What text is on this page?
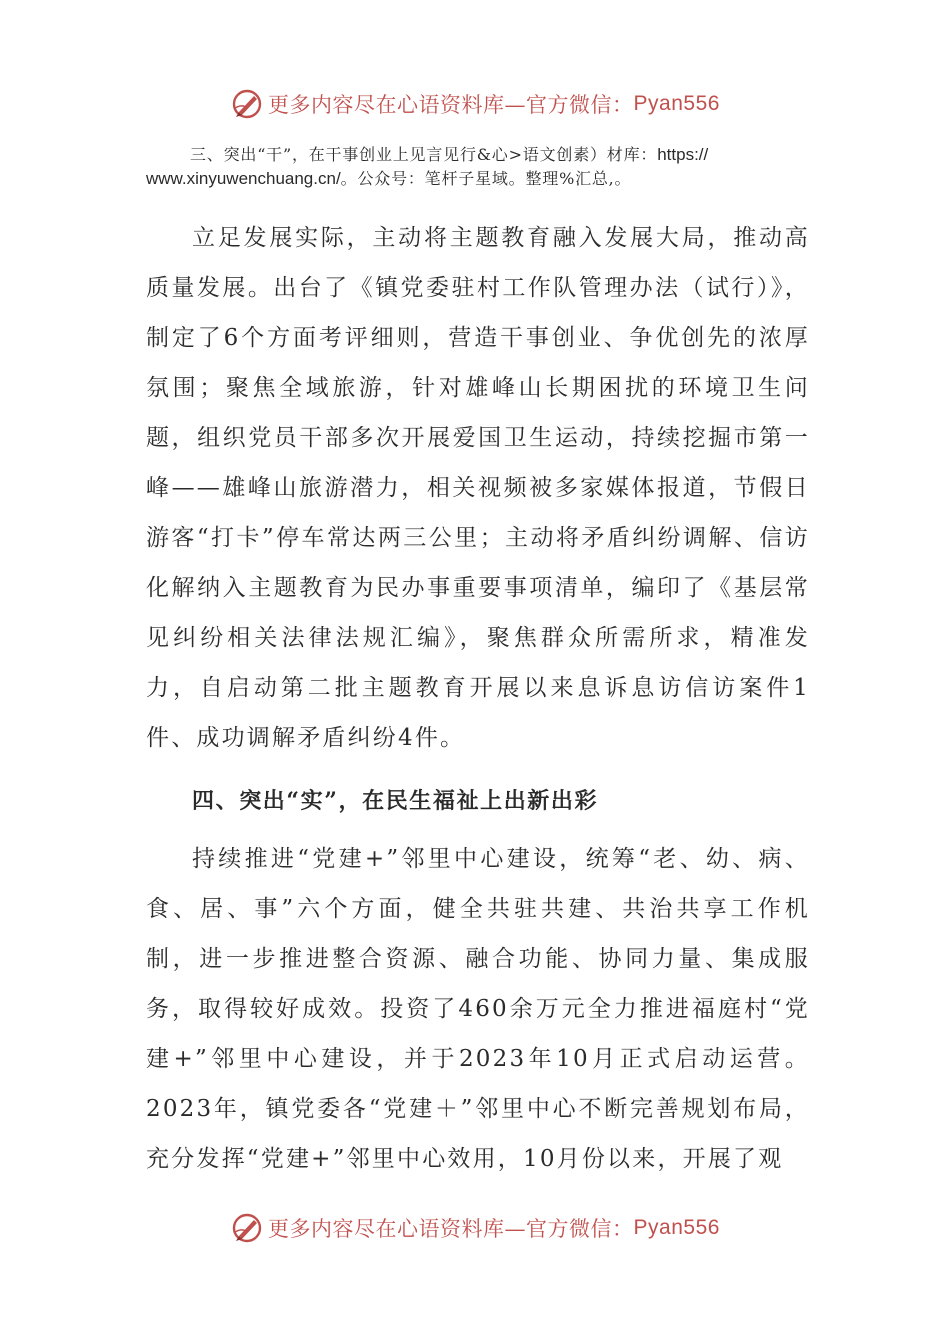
更多内容尽在心语资料库—官方微信： Pyan556

三、突出“干”，在干事创业上见言见行&心>语文创素）材库：https://
www.xinyuwenchuang.cn/。公众号：笔杆子星域。整理%汇总,。

立足发展实际，主动将主题教育融入发展大局，推动高质量发展。出台了《镇党委驻村工作队管理办法（试行）》，制定了6个方面考评细则，营造干事创业、争优创先的浓厚氛围；聚焦全域旅游，针对雄峰山长期困扰的环境卫生问题，组织党员干部多次开展爱国卫生运动，持续挖掘市第一峰——雄峰山旅游潜力，相关视频被多家媒体报道，节假日游客“打卡”停车常达两三公里；主动将矛盾纠纷调解、信访化解纳入主题教育为民办事重要事项清单，编印了《基层常见纠纷相关法律法规汇编》，聚焦群众所需所求，精准发力，自启动第二批主题教育开展以来息诉息访信访案件1件、成功调解矛盾纠纷4件。

四、突出“实”，在民生福祉上出新出彩

持续推进“党建+”邻里中心建设，统筹“老、幼、病、食、居、事”六个方面，健全共驻共建、共治共享工作机制，进一步推进整合资源、融合功能、协同力量、集成服务，取得较好成效。投资了460余万元全力推进福庭村“党建+”邻里中心建设，并于2023年10月正式启动运营。2023年，镇党委各“党建＋”邻里中心不断完善规划布局，充分发挥“党建+”邻里中心效用，10月份以来，开展了观

更多内容尽在心语资料库—官方微信： Pyan556
